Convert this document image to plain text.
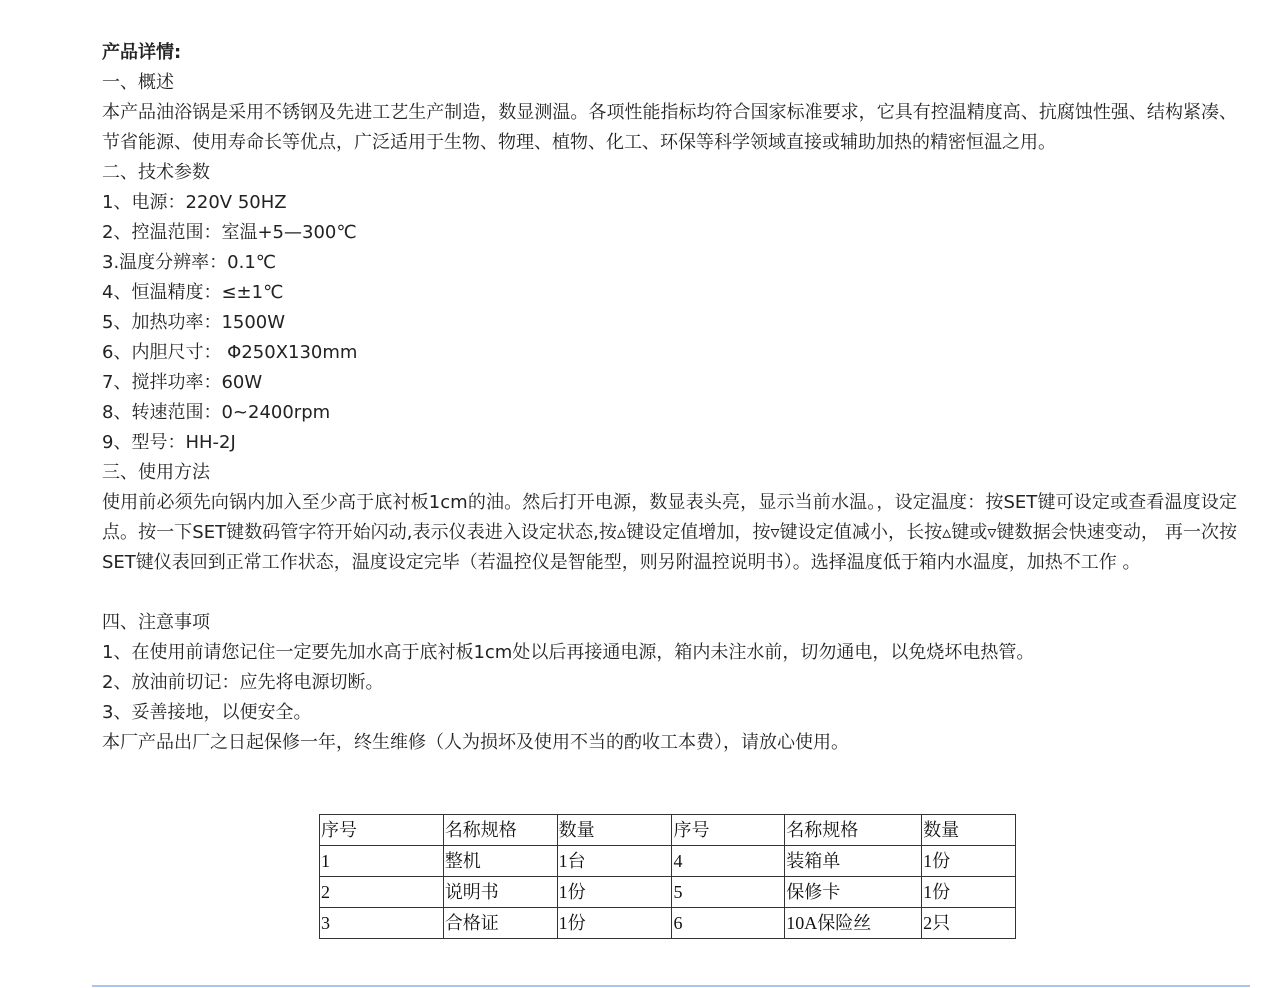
产品详情:
一、概述
本产品油浴锅是采用不锈钢及先进工艺生产制造，数显测温。各项性能指标均符合国家标准要求，它具有控温精度高、抗腐蚀性强、结构紧凑、节省能源、使用寿命长等优点，广泛适用于生物、物理、植物、化工、环保等科学领域直接或辅助加热的精密恒温之用。
二、技术参数
1、电源：220V 50HZ
2、控温范围：室温+5—300℃
3.温度分辨率：0.1℃
4、恒温精度：≤±1℃
5、加热功率：1500W
6、内胆尺寸： Φ250X130mm
7、搅拌功率：60W
8、转速范围：0~2400rpm
9、型号：HH-2J
三、使用方法
使用前必须先向锅内加入至少高于底衬板1cm的油。然后打开电源，数显表头亮，显示当前水温。，设定温度：按SET键可设定或查看温度设定点。按一下SET键数码管字符开始闪动,表示仪表进入设定状态,按▵键设定值增加，按▿键设定值减小，长按▵键或▿键数据会快速变动， 再一次按SET键仪表回到正常工作状态，温度设定完毕（若温控仪是智能型，则另附温控说明书）。选择温度低于箱内水温度，加热不工作 。
四、注意事项
1、在使用前请您记住一定要先加水高于底衬板1cm处以后再接通电源，箱内未注水前，切勿通电，以免烧坏电热管。
2、放油前切记：应先将电源切断。
3、妥善接地，以便安全。
本厂产品出厂之日起保修一年，终生维修（人为损坏及使用不当的酌收工本费），请放心使用。
序号	名称规格	数量	序号	名称规格	数量
1	整机	1台	4	装箱单	1份
2	说明书	1份	5	保修卡	1份
3	合格证	1份	6	10A保险丝	2只
